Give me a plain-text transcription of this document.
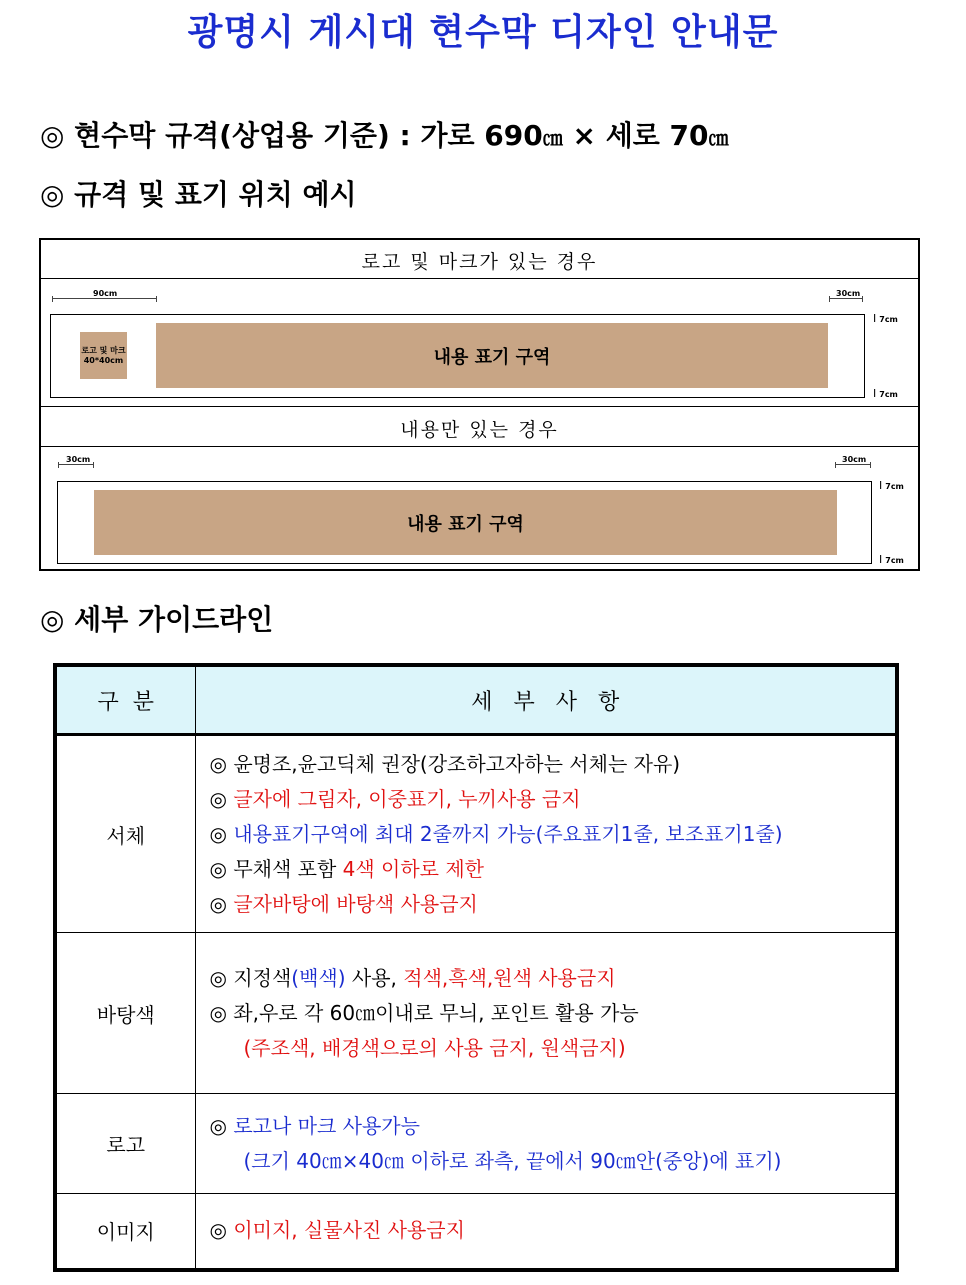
광명시 게시대 현수막 디자인 안내문
◎ 현수막 규격(상업용 기준) : 가로 690㎝ × 세로 70㎝
◎ 규격 및 표기 위치 예시
로고 및 마크가 있는 경우
90cm	30cm
로고 및 마크
40*40cm	내용 표기 구역
I 7cm
I 7cm
내용만 있는 경우
30cm	30cm
내용 표기 구역
I 7cm
I 7cm
◎ 세부 가이드라인
구  분	세   부   사   항
서체	◎ 윤명조,윤고딕체 권장(강조하고자하는 서체는 자유)
◎ 글자에 그림자, 이중표기, 누끼사용 금지
◎ 내용표기구역에 최대 2줄까지 가능(주요표기1줄, 보조표기1줄)
◎ 무채색 포함 4색 이하로 제한
◎ 글자바탕에 바탕색 사용금지

바탕색	◎ 지정색(백색) 사용, 적색,흑색,원색 사용금지
◎ 좌,우로 각 60㎝이내로 무늬, 포인트 활용 가능
(주조색, 배경색으로의 사용 금지, 원색금지)

로고	◎ 로고나 마크 사용가능
(크기 40㎝×40㎝ 이하로 좌측, 끝에서 90㎝안(중앙)에 표기)

이미지	◎ 이미지, 실물사진 사용금지
